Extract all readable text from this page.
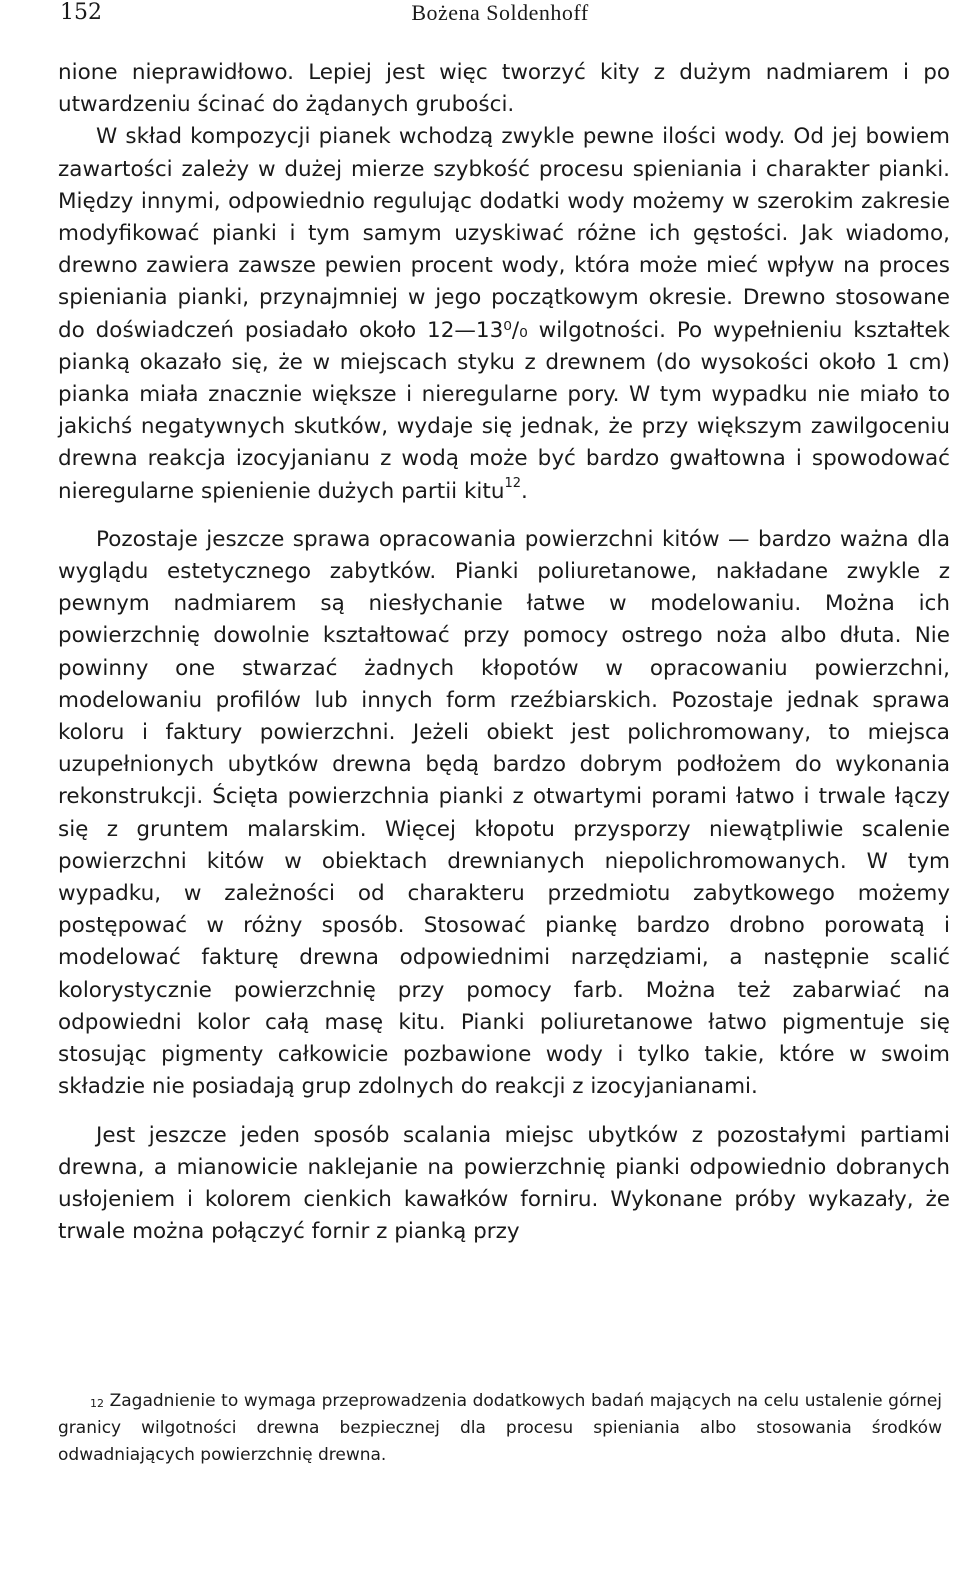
152	Bożena Soldenhoff

nione nieprawidłowo. Lepiej jest więc tworzyć kity z dużym nadmiarem i po utwardzeniu ścinać do żądanych grubości.

W skład kompozycji pianek wchodzą zwykle pewne ilości wody. Od jej bowiem zawartości zależy w dużej mierze szybkość procesu spieniania i charakter pianki. Między innymi, odpowiednio regulując dodatki wody możemy w szerokim zakresie modyfikować pianki i tym samym uzyskiwać różne ich gęstości. Jak wiadomo, drewno zawiera zawsze pewien procent wody, która może mieć wpływ na proces spieniania pianki, przynajmniej w jego początkowym okresie. Drewno stosowane do doświadczeń posiadało około 12—13⁰/₀ wilgotności. Po wypełnieniu kształtek pianką okazało się, że w miejscach styku z drewnem (do wysokości około 1 cm) pianka miała znacznie większe i nieregularne pory. W tym wypadku nie miało to jakichś negatywnych skutków, wydaje się jednak, że przy większym zawilgoceniu drewna reakcja izocyjanianu z wodą może być bardzo gwałtowna i spowodować nieregularne spienienie dużych partii kitu$^{12}$.

Pozostaje jeszcze sprawa opracowania powierzchni kitów — bardzo ważna dla wyglądu estetycznego zabytków. Pianki poliuretanowe, nakładane zwykle z pewnym nadmiarem są niesłychanie łatwe w modelowaniu. Można ich powierzchnię dowolnie kształtować przy pomocy ostrego noża albo dłuta. Nie powinny one stwarzać żadnych kłopotów w opracowaniu powierzchni, modelowaniu profilów lub innych form rzeźbiarskich. Pozostaje jednak sprawa koloru i faktury powierzchni. Jeżeli obiekt jest polichromowany, to miejsca uzupełnionych ubytków drewna będą bardzo dobrym podłożem do wykonania rekonstrukcji. Ścięta powierzchnia pianki z otwartymi porami łatwo i trwale łączy się z gruntem malarskim. Więcej kłopotu przysporzy niewątpliwie scalenie powierzchni kitów w obiektach drewnianych niepolichromowanych. W tym wypadku, w zależności od charakteru przedmiotu zabytkowego możemy postępować w różny sposób. Stosować piankę bardzo drobno porowatą i modelować fakturę drewna odpowiednimi narzędziami, a następnie scalić kolorystycznie powierzchnię przy pomocy farb. Można też zabarwiać na odpowiedni kolor całą masę kitu. Pianki poliuretanowe łatwo pigmentuje się stosując pigmenty całkowicie pozbawione wody i tylko takie, które w swoim składzie nie posiadają grup zdolnych do reakcji z izocyjanianami.

Jest jeszcze jeden sposób scalania miejsc ubytków z pozostałymi partiami drewna, a mianowicie naklejanie na powierzchnię pianki odpowiednio dobranych usłojeniem i kolorem cienkich kawałków forniru. Wykonane próby wykazały, że trwale można połączyć fornir z pianką przy

$^{12}$ Zagadnienie to wymaga przeprowadzenia dodatkowych badań mających na celu ustalenie górnej granicy wilgotności drewna bezpiecznej dla procesu spieniania albo stosowania środków odwadniających powierzchnię drewna.
